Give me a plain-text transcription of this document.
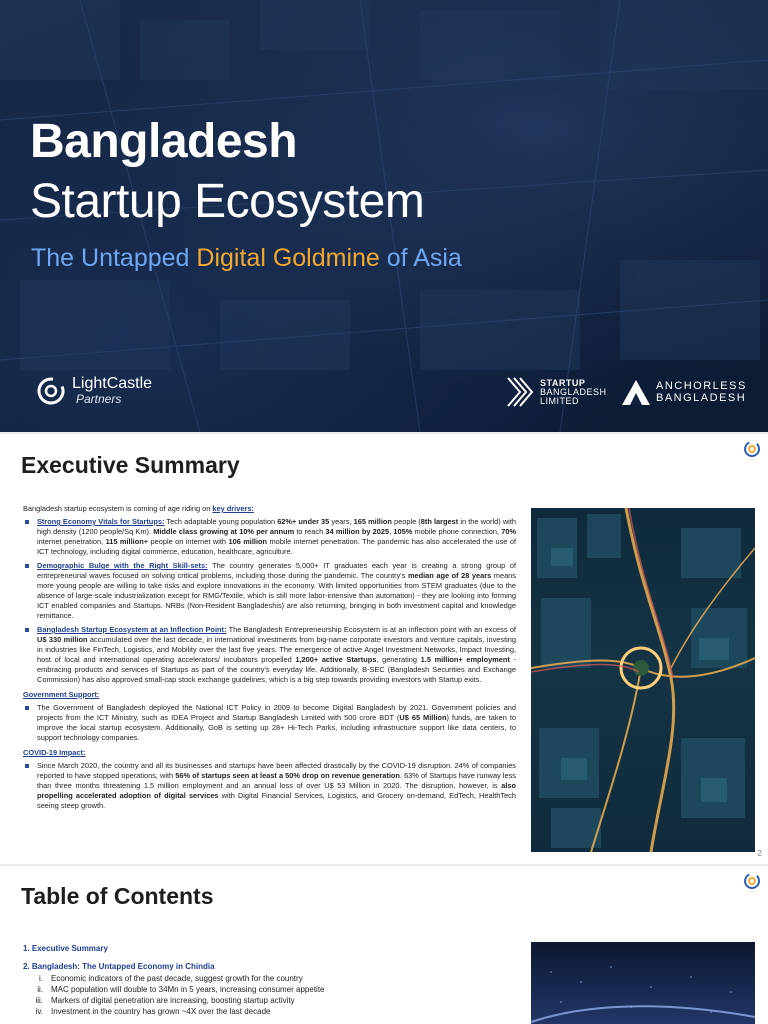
Bangladesh
Startup Ecosystem
The Untapped Digital Goldmine of Asia
LightCastle
Partners
STARTUP
BANGLADESH
LIMITED
ANCHORLESS
BANGLADESH
Executive Summary

Bangladesh startup ecosystem is coming of age riding on key drivers:

Strong Economy Vitals for Startups: Tech adaptable young population 62%+ under 35 years, 165 million people (8th largest in the world) with high density (1200 people/Sq Km). Middle class growing at 10% per annum to reach 34 million by 2025, 105% mobile phone connection, 70% internet penetration, 115 million+ people on internet with 106 million mobile internet penetration. The pandemic has also accelerated the use of ICT technology, including digital commerce, education, healthcare, agriculture.
Demographic Bulge with the Right Skill-sets: The country generates 5,000+ IT graduates each year is creating a strong group of entrepreneurial waves focused on solving critical problems, including those during the pandemic. The country's median age of 28 years means more young people are willing to take risks and explore innovations in the economy. With limited opportunities from STEM graduates (due to the absence of large-scale industrialization except for RMG/Textile, which is still more labor-intensive than automation) - they are looking into forming ICT enabled companies and Startups. NRBs (Non-Resident Bangladeshis) are also returning, bringing in both investment capital and knowledge remittance.
Bangladesh Startup Ecosystem at an Inflection Point: The Bangladesh Entrepreneurship Ecosystem is at an inflection point with an excess of U$ 330 million accumulated over the last decade, in international investments from big-name corporate investors and venture capitals, investing in industries like FinTech, Logistics, and Mobility over the last five years. The emergence of active Angel Investment Networks, Impact Investing, host of local and international operating accelerators/ incubators propelled 1,200+ active Startups, generating 1.5 million+ employment - embracing products and services of Startups as part of the country's everyday life. Additionally, B-SEC (Bangladesh Securities and Exchange Commission) has also approved small-cap stock exchange guidelines, which is a big step towards providing investors with Startup exits.
Government Support:
The Government of Bangladesh deployed the National ICT Policy in 2009 to become Digital Bangladesh by 2021. Government policies and projects from the ICT Ministry, such as IDEA Project and Startup Bangladesh Limited with 500 crore BDT (U$ 65 Million) funds, are taken to improve the local startup ecosystem. Additionally, GoB is setting up 28+ Hi-Tech Parks, including infrastructure support like data centers, to support technology companies.
COVID-19 Impact:
Since March 2020, the country and all its businesses and startups have been affected drastically by the COVID-19 disruption. 24% of companies reported to have stopped operations, with 56% of startups seen at least a 50% drop on revenue generation. 63% of Startups have runway less than three months threatening 1.5 million employment and an annual loss of over U$ 53 Million in 2020. The disruption, however, is also propelling accelerated adoption of digital services with Digital Financial Services, Logistics, and Grocery on-demand, EdTech, HealthTech seeing steep growth.
2
Table of Contents
1. Executive Summary
2. Bangladesh: The Untapped Economy in Chindia
i.	Economic indicators of the past decade, suggest growth for the country
ii.	MAC population will double to 34Mn in 5 years, increasing consumer appetite
iii.	Markers of digital penetration are increasing, boosting startup activity
iv.	Investment in the country has grown ~4X over the last decade
